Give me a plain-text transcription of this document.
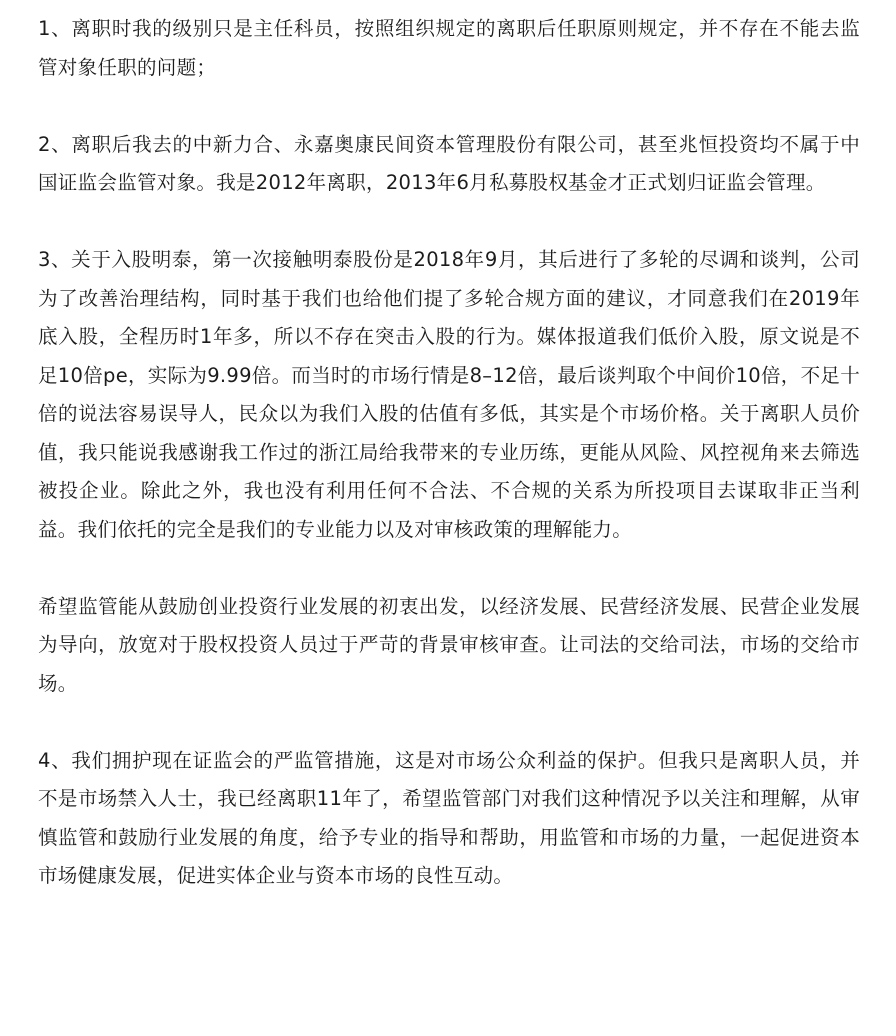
1、离职时我的级别只是主任科员，按照组织规定的离职后任职原则规定，并不存在不能去监管对象任职的问题；

2、离职后我去的中新力合、永嘉奥康民间资本管理股份有限公司，甚至兆恒投资均不属于中国证监会监管对象。我是2012年离职，2013年6月私募股权基金才正式划归证监会管理。

3、关于入股明泰，第一次接触明泰股份是2018年9月，其后进行了多轮的尽调和谈判，公司为了改善治理结构，同时基于我们也给他们提了多轮合规方面的建议，才同意我们在2019年底入股，全程历时1年多，所以不存在突击入股的行为。媒体报道我们低价入股，原文说是不足10倍pe，实际为9.99倍。而当时的市场行情是8–12倍，最后谈判取个中间价10倍，不足十倍的说法容易误导人，民众以为我们入股的估值有多低，其实是个市场价格。关于离职人员价值，我只能说我感谢我工作过的浙江局给我带来的专业历练，更能从风险、风控视角来去筛选被投企业。除此之外，我也没有利用任何不合法、不合规的关系为所投项目去谋取非正当利益。我们依托的完全是我们的专业能力以及对审核政策的理解能力。

希望监管能从鼓励创业投资行业发展的初衷出发，以经济发展、民营经济发展、民营企业发展为导向，放宽对于股权投资人员过于严苛的背景审核审查。让司法的交给司法，市场的交给市场。

4、我们拥护现在证监会的严监管措施，这是对市场公众利益的保护。但我只是离职人员，并不是市场禁入人士，我已经离职11年了，希望监管部门对我们这种情况予以关注和理解，从审慎监管和鼓励行业发展的角度，给予专业的指导和帮助，用监管和市场的力量，一起促进资本市场健康发展，促进实体企业与资本市场的良性互动。
